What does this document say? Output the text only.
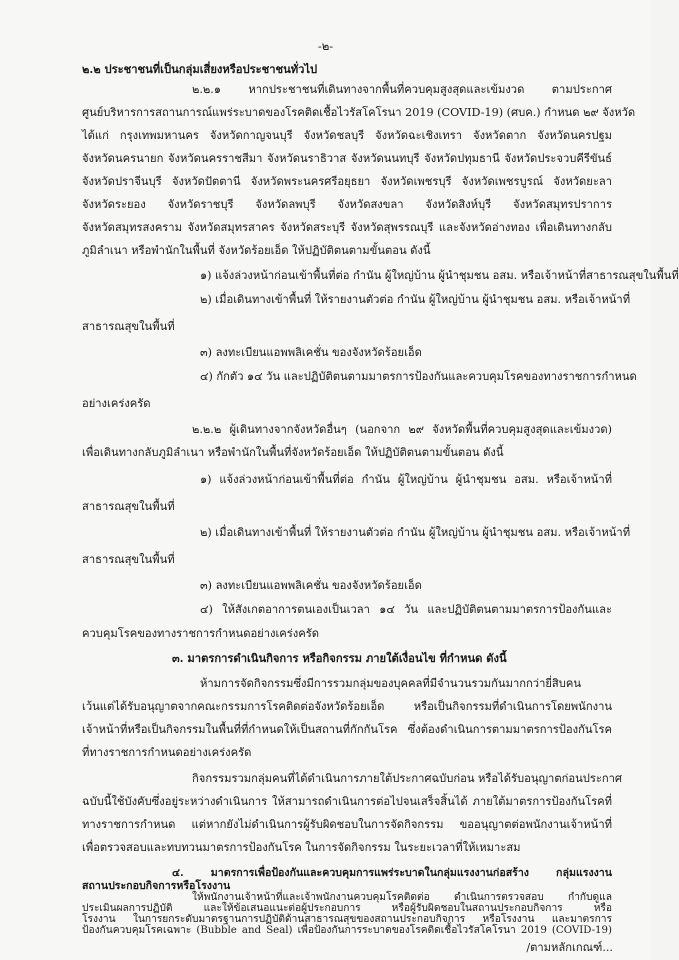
-๒-
๒.๒ ประชาชนที่เป็นกลุ่มเสี่ยงหรือประชาชนทั่วไป
๒.๒.๑ หากประชาชนที่เดินทางจากพื้นที่ควบคุมสูงสุดและเข้มงวด ตามประกาศ
ศูนย์บริหารการสถานการณ์แพร่ระบาดของโรคติดเชื้อไวรัสโคโรนา 2019 (COVID-19) (ศบค.) กำหนด ๒๙ จังหวัด
ได้แก่ กรุงเทพมหานคร จังหวัดกาญจนบุรี จังหวัดชลบุรี จังหวัดฉะเชิงเทรา จังหวัดตาก จังหวัดนครปฐม
จังหวัดนครนายก จังหวัดนครราชสีมา จังหวัดนราธิวาส จังหวัดนนทบุรี จังหวัดปทุมธานี จังหวัดประจวบคีรีขันธ์
จังหวัดปราจีนบุรี จังหวัดปัตตานี จังหวัดพระนครศรีอยุธยา จังหวัดเพชรบุรี จังหวัดเพชรบูรณ์ จังหวัดยะลา
จังหวัดระยอง จังหวัดราชบุรี จังหวัดลพบุรี จังหวัดสงขลา จังหวัดสิงห์บุรี จังหวัดสมุทรปราการ
จังหวัดสมุทรสงคราม จังหวัดสมุทรสาคร จังหวัดสระบุรี จังหวัดสุพรรณบุรี และจังหวัดอ่างทอง เพื่อเดินทางกลับ
ภูมิลำเนา หรือพำนักในพื้นที่ จังหวัดร้อยเอ็ด ให้ปฏิบัติตนตามขั้นตอน ดังนี้
๑) แจ้งล่วงหน้าก่อนเข้าพื้นที่ต่อ กำนัน ผู้ใหญ่บ้าน ผู้นำชุมชน อสม. หรือเจ้าหน้าที่สาธารณสุขในพื้นที่
๒) เมื่อเดินทางเข้าพื้นที่ ให้รายงานตัวต่อ กำนัน ผู้ใหญ่บ้าน ผู้นำชุมชน อสม. หรือเจ้าหน้าที่
สาธารณสุขในพื้นที่
๓) ลงทะเบียนแอพพลิเคชั่น ของจังหวัดร้อยเอ็ด
๔) กักตัว ๑๔ วัน และปฏิบัติตนตามมาตรการป้องกันและควบคุมโรคของทางราชการกำหนด
อย่างเคร่งครัด
๒.๒.๒ ผู้เดินทางจากจังหวัดอื่นๆ (นอกจาก ๒๙ จังหวัดพื้นที่ควบคุมสูงสุดและเข้มงวด)
เพื่อเดินทางกลับภูมิลำเนา หรือพำนักในพื้นที่จังหวัดร้อยเอ็ด ให้ปฏิบัติตนตามขั้นตอน ดังนี้
๑) แจ้งล่วงหน้าก่อนเข้าพื้นที่ต่อ กำนัน ผู้ใหญ่บ้าน ผู้นำชุมชน อสม. หรือเจ้าหน้าที่
สาธารณสุขในพื้นที่
๒) เมื่อเดินทางเข้าพื้นที่ ให้รายงานตัวต่อ กำนัน ผู้ใหญ่บ้าน ผู้นำชุมชน อสม. หรือเจ้าหน้าที่
สาธารณสุขในพื้นที่
๓) ลงทะเบียนแอพพลิเคชั่น ของจังหวัดร้อยเอ็ด
๔) ให้สังเกตอาการตนเองเป็นเวลา ๑๔ วัน และปฏิบัติตนตามมาตรการป้องกันและ
ควบคุมโรคของทางราชการกำหนดอย่างเคร่งครัด
๓. มาตรการดำเนินกิจการ หรือกิจกรรม ภายใต้เงื่อนไข ที่กำหนด ดังนี้
ห้ามการจัดกิจกรรมซึ่งมีการรวมกลุ่มของบุคคลที่มีจำนวนรวมกันมากกว่ายี่สิบคน
เว้นแต่ได้รับอนุญาตจากคณะกรรมการโรคติดต่อจังหวัดร้อยเอ็ด หรือเป็นกิจกรรมที่ดำเนินการโดยพนักงาน
เจ้าหน้าที่หรือเป็นกิจกรรมในพื้นที่ที่กำหนดให้เป็นสถานที่กักกันโรค ซึ่งต้องดำเนินการตามมาตรการป้องกันโรค
ที่ทางราชการกำหนดอย่างเคร่งครัด
กิจกรรมรวมกลุ่มคนที่ได้ดำเนินการภายใต้ประกาศฉบับก่อน หรือได้รับอนุญาตก่อนประกาศ
ฉบับนี้ใช้บังคับซึ่งอยู่ระหว่างดำเนินการ ให้สามารถดำเนินการต่อไปจนเสร็จสิ้นได้ ภายใต้มาตรการป้องกันโรคที่
ทางราชการกำหนด แต่หากยังไม่ดำเนินการผู้รับผิดชอบในการจัดกิจกรรม ขออนุญาตต่อพนักงานเจ้าหน้าที่
เพื่อตรวจสอบและทบทวนมาตรการป้องกันโรค ในการจัดกิจกรรม ในระยะเวลาที่ให้เหมาะสม
/ตามหลักเกณฑ์...
๔. มาตรการเพื่อป้องกันและควบคุมการแพร่ระบาดในกลุ่มแรงงานก่อสร้าง กลุ่มแรงงาน
สถานประกอบกิจการหรือโรงงาน
ให้พนักงานเจ้าหน้าที่และเจ้าพนักงานควบคุมโรคติดต่อ ดำเนินการตรวจสอบ กำกับดูแล
ประเมินผลการปฏิบัติ และให้ข้อเสนอแนะต่อผู้ประกอบการ หรือผู้รับผิดชอบในสถานประกอบกิจการ หรือ
โรงงาน ในการยกระดับมาตรฐานการปฏิบัติด้านสาธารณสุขของสถานประกอบกิจการ หรือโรงงาน และมาตรการ
ป้องกันควบคุมโรคเฉพาะ (Bubble and Seal) เพื่อป้องกันการระบาดของโรคติดเชื้อไวรัสโคโรนา 2019 (COVID-19)
